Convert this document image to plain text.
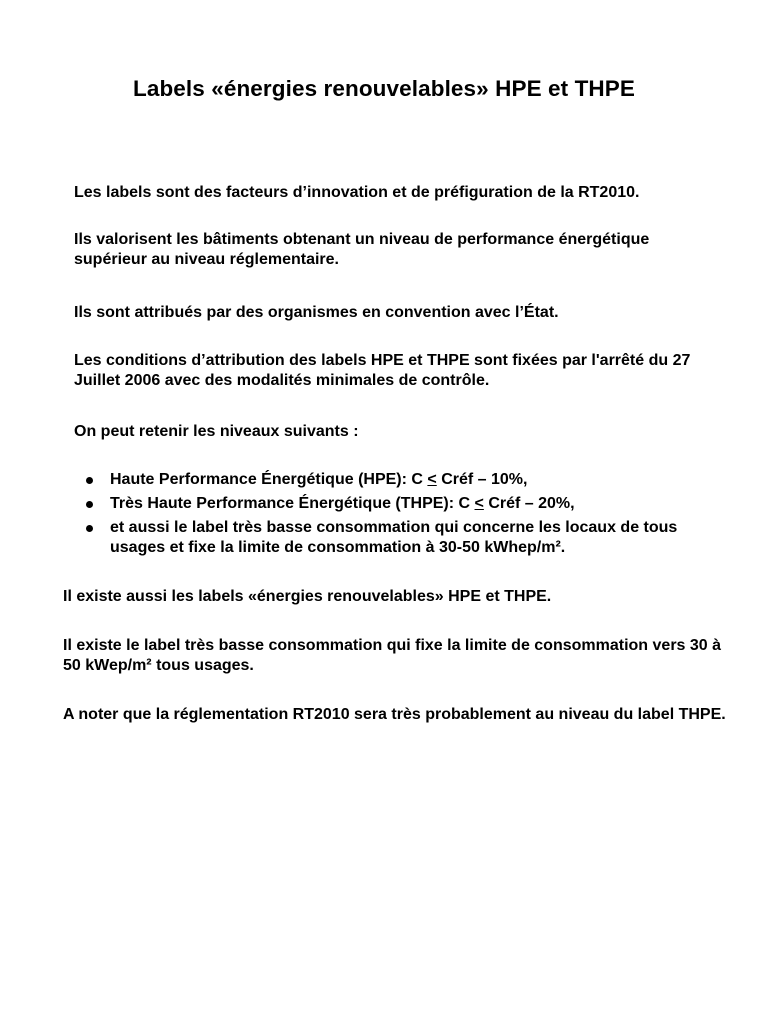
Labels «énergies renouvelables» HPE et THPE

Les labels sont des facteurs d’innovation et de préfiguration de la RT2010.

Ils valorisent les bâtiments obtenant un niveau de performance énergétique supérieur au niveau réglementaire.

Ils sont attribués par des organismes en convention avec l’État.

Les conditions d’attribution des labels HPE et THPE sont fixées par l'arrêté du 27 Juillet 2006 avec des modalités minimales de contrôle.

On peut retenir les niveaux suivants :

Haute Performance Énergétique (HPE): C < Créf – 10%,
Très Haute Performance Énergétique (THPE): C < Créf – 20%,
et aussi le label très basse consommation qui concerne les locaux de tous usages et fixe la limite de consommation à 30-50 kWhep/m².

Il existe aussi les labels «énergies renouvelables» HPE et THPE.

Il existe le label très basse consommation qui fixe la limite de consommation vers 30 à 50 kWep/m² tous usages.

A noter que la réglementation RT2010 sera très probablement au niveau du label THPE.
